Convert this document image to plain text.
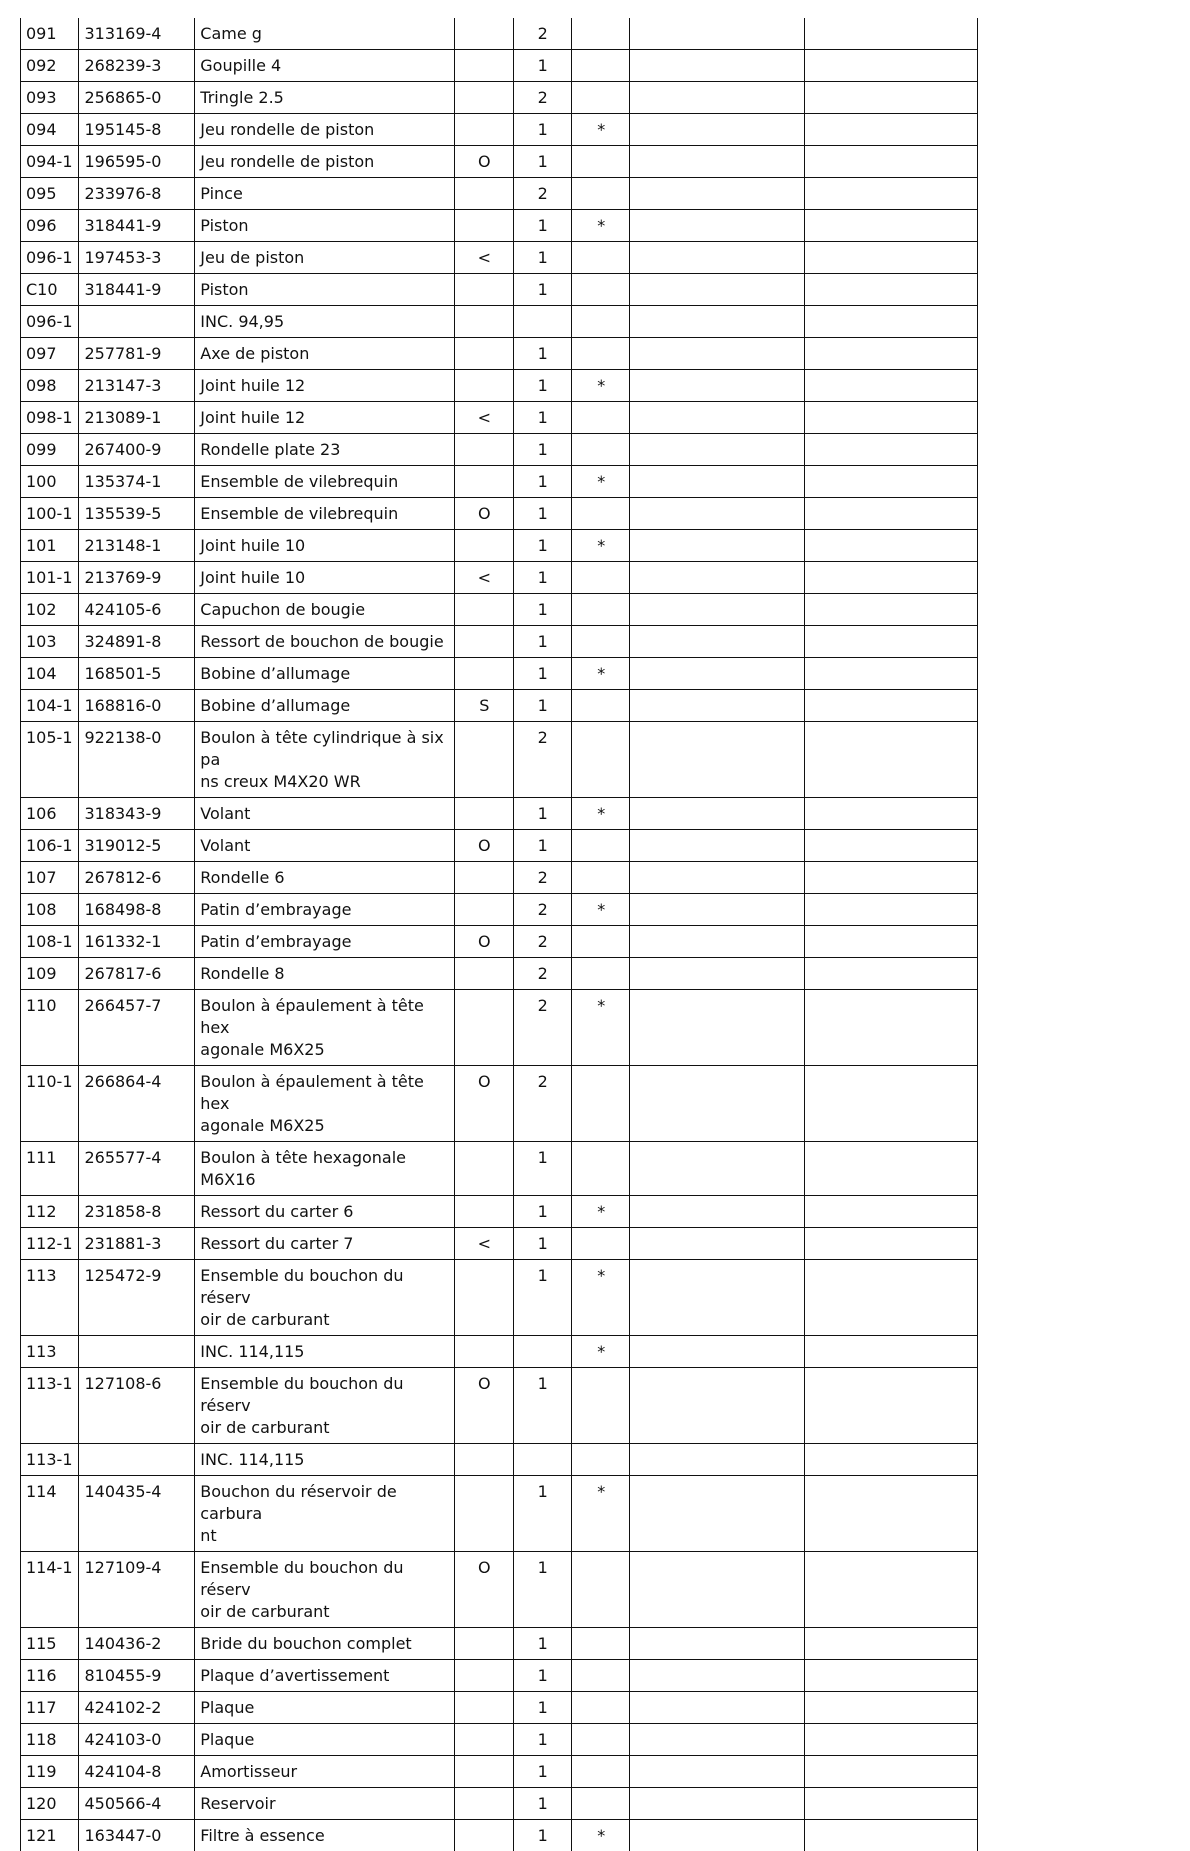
091	313169-4	Came g		2			
092	268239-3	Goupille 4		1			
093	256865-0	Tringle 2.5		2			
094	195145-8	Jeu rondelle de piston		1	*		
094-1	196595-0	Jeu rondelle de piston	O	1			
095	233976-8	Pince		2			
096	318441-9	Piston		1	*		
096-1	197453-3	Jeu de piston	<	1			
C10	318441-9	Piston		1			
096-1		INC. 94,95					
097	257781-9	Axe de piston		1			
098	213147-3	Joint huile 12		1	*		
098-1	213089-1	Joint huile 12	<	1			
099	267400-9	Rondelle plate 23		1			
100	135374-1	Ensemble de vilebrequin		1	*		
100-1	135539-5	Ensemble de vilebrequin	O	1			
101	213148-1	Joint huile 10		1	*		
101-1	213769-9	Joint huile 10	<	1			
102	424105-6	Capuchon de bougie		1			
103	324891-8	Ressort de bouchon de bougie		1			
104	168501-5	Bobine d’allumage		1	*		
104-1	168816-0	Bobine d’allumage	S	1			
105-1	922138-0	Boulon à tête cylindrique à six pa
ns creux M4X20 WR		2			
106	318343-9	Volant		1	*		
106-1	319012-5	Volant	O	1			
107	267812-6	Rondelle 6		2			
108	168498-8	Patin d’embrayage		2	*		
108-1	161332-1	Patin d’embrayage	O	2			
109	267817-6	Rondelle 8		2			
110	266457-7	Boulon à épaulement à tête hex
agonale M6X25		2	*		
110-1	266864-4	Boulon à épaulement à tête hex
agonale M6X25	O	2			
111	265577-4	Boulon à tête hexagonale M6X16		1			
112	231858-8	Ressort du carter 6		1	*		
112-1	231881-3	Ressort du carter 7	<	1			
113	125472-9	Ensemble du bouchon du réserv
oir de carburant		1	*		
113		INC. 114,115			*		
113-1	127108-6	Ensemble du bouchon du réserv
oir de carburant	O	1			
113-1		INC. 114,115					
114	140435-4	Bouchon du réservoir de carbura
nt		1	*		
114-1	127109-4	Ensemble du bouchon du réserv
oir de carburant	O	1			
115	140436-2	Bride du bouchon complet		1			
116	810455-9	Plaque d’avertissement		1			
117	424102-2	Plaque		1			
118	424103-0	Plaque		1			
119	424104-8	Amortisseur		1			
120	450566-4	Reservoir		1			
121	163447-0	Filtre à essence		1	*		
